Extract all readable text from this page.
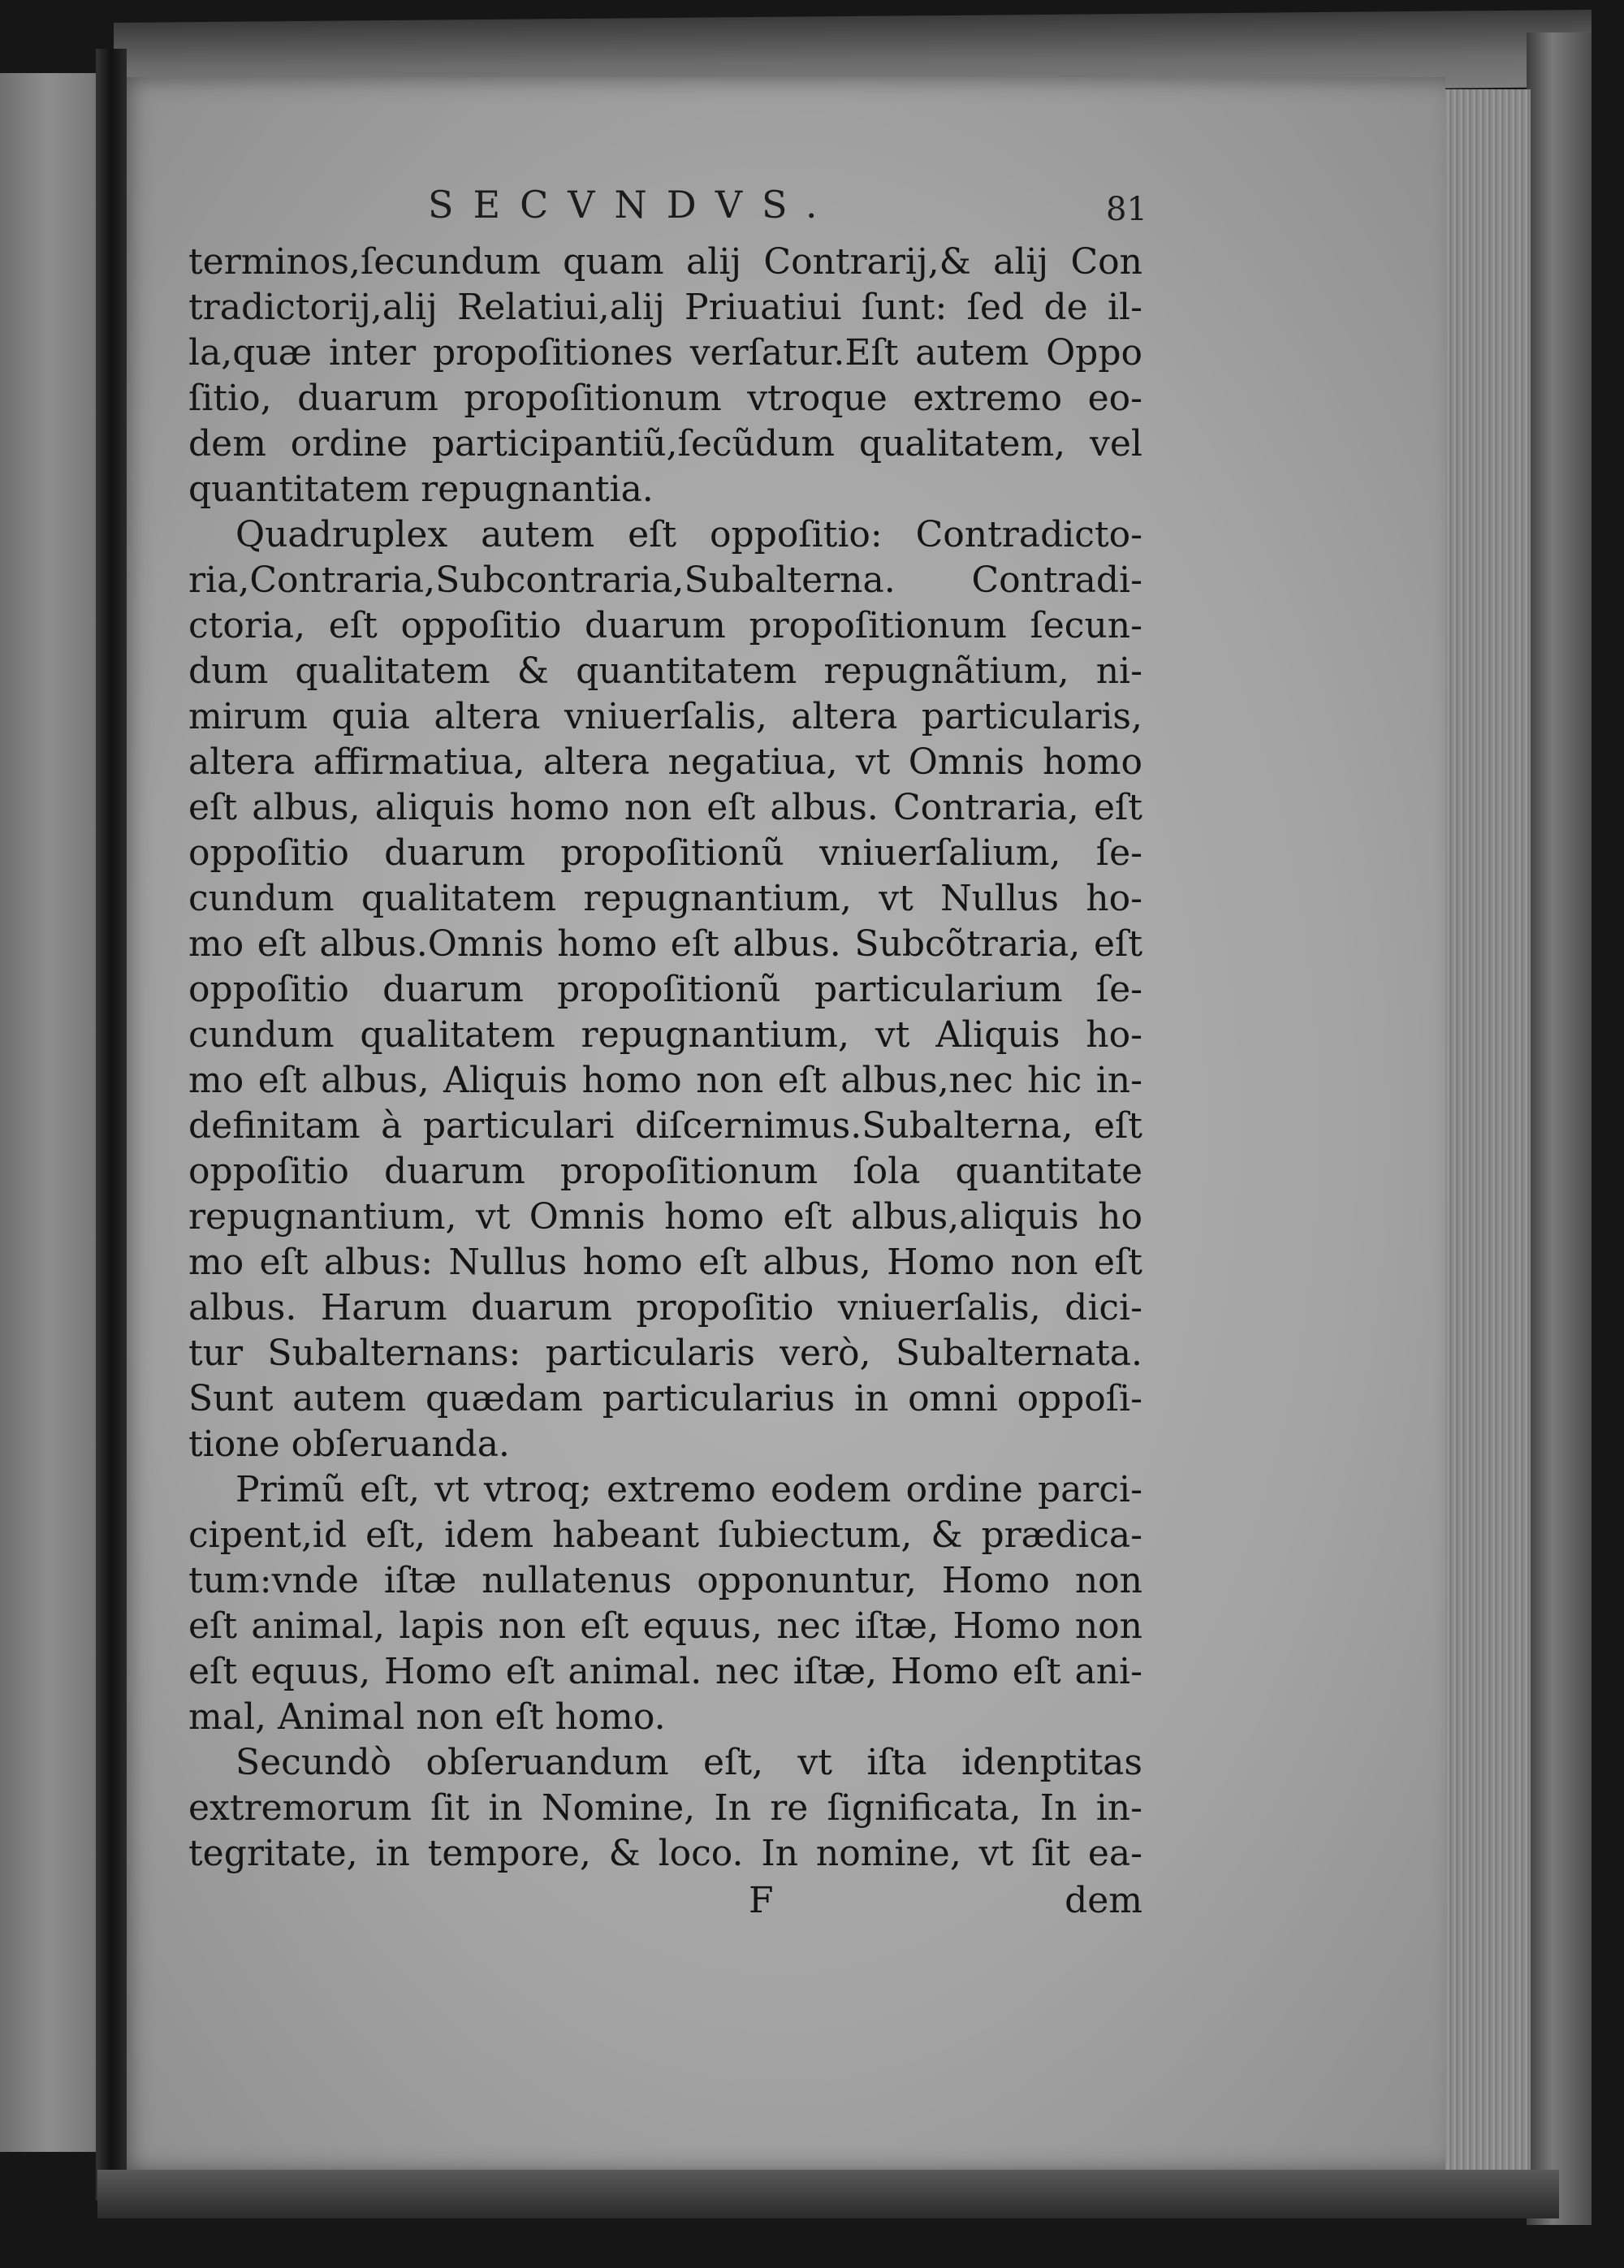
SECVNDVS.	81
terminos,ſecundum quam alij Contrarij,& alij Con
tradictorij,alij Relatiui,alij Priuatiui ſunt: ſed de il-
la,quæ inter propoſitiones verſatur.Eſt autem Oppo
ſitio, duarum propoſitionum vtroque extremo eo-
dem ordine participantiũ,ſecũdum qualitatem, vel
quantitatem repugnantia.
Quadruplex autem eſt oppoſitio: Contradicto-
ria,Contraria,Subcontraria,Subalterna. Contradi-
ctoria, eſt oppoſitio duarum propoſitionum ſecun-
dum qualitatem & quantitatem repugnãtium, ni-
mirum quia altera vniuerſalis, altera particularis,
altera affirmatiua, altera negatiua, vt Omnis homo
eſt albus, aliquis homo non eſt albus. Contraria, eſt
oppoſitio duarum propoſitionũ vniuerſalium, ſe-
cundum qualitatem repugnantium, vt Nullus ho-
mo eſt albus.Omnis homo eſt albus. Subcõtraria, eſt
oppoſitio duarum propoſitionũ particularium ſe-
cundum qualitatem repugnantium, vt Aliquis ho-
mo eſt albus, Aliquis homo non eſt albus,nec hic in-
definitam à particulari diſcernimus.Subalterna, eſt
oppoſitio duarum propoſitionum ſola quantitate
repugnantium, vt Omnis homo eſt albus,aliquis ho
mo eſt albus: Nullus homo eſt albus, Homo non eſt
albus. Harum duarum propoſitio vniuerſalis, dici-
tur Subalternans: particularis verò, Subalternata.
Sunt autem quædam particularius in omni oppoſi-
tione obſeruanda.
Primũ eſt, vt vtroq; extremo eodem ordine parci-
cipent,id eſt, idem habeant ſubiectum, & prædica-
tum:vnde iſtæ nullatenus opponuntur, Homo non
eſt animal, lapis non eſt equus, nec iſtæ, Homo non
eſt equus, Homo eſt animal. nec iſtæ, Homo eſt ani-
mal, Animal non eſt homo.
Secundò obſeruandum eſt, vt iſta idenptitas
extremorum ſit in Nomine, In re ſignificata, In in-
tegritate, in tempore, & loco. In nomine, vt ſit ea-
F	dem
